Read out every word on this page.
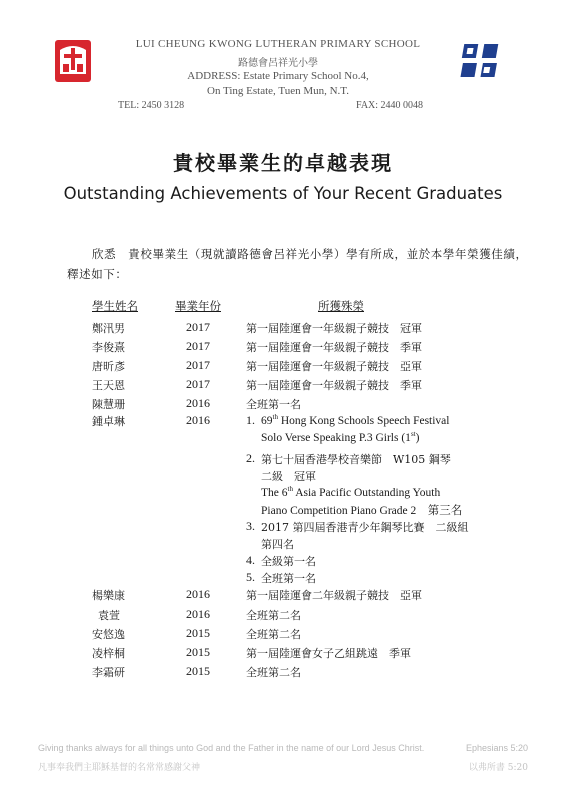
LUI CHEUNG KWONG LUTHERAN PRIMARY SCHOOL
路德會呂祥光小學
ADDRESS: Estate Primary School No.4,
On Ting Estate, Tuen Mun, N.T.
TEL: 2450 3128	FAX: 2440 0048
貴校畢業生的卓越表現
Outstanding Achievements of Your Recent Graduates
欣悉　貴校畢業生（現就讀路德會呂祥光小學）學有所成，並於本學年榮獲佳績，
釋述如下：
學生姓名	畢業年份	所獲殊榮
鄭汛男	2017	第一屆陸運會一年級親子競技　冠軍
李俊熹	2017	第一屆陸運會一年級親子競技　季軍
唐昕彥	2017	第一屆陸運會一年級親子競技　亞軍
王天恩	2017	第一屆陸運會一年級親子競技　季軍
陳慧珊	2016	全班第一名
鍾卓琳	2016	1. 69th Hong Kong Schools Speech Festival
Solo Verse Speaking P.3 Girls (1st)
2. 第七十屆香港學校音樂節　W105 鋼琴
二級　冠軍
The 6th Asia Pacific Outstanding Youth
Piano Competition Piano Grade 2　第三名
3. 2017 第四屆香港青少年鋼琴比賽　二級組
第四名
4. 全級第一名
5. 全班第一名
楊樂康	2016	第一屆陸運會二年級親子競技　亞軍
袁萱	2016	全班第二名
安悠逸	2015	全班第二名
凌梓桐	2015	第一屆陸運會女子乙組跳遠　季軍
李霜研	2015	全班第二名
Giving thanks always for all things unto God and the Father in the name of our Lord Jesus Christ.	Ephesians 5:20
凡事奉我們主耶穌基督的名常常感謝父神	以弗所書 5:20
